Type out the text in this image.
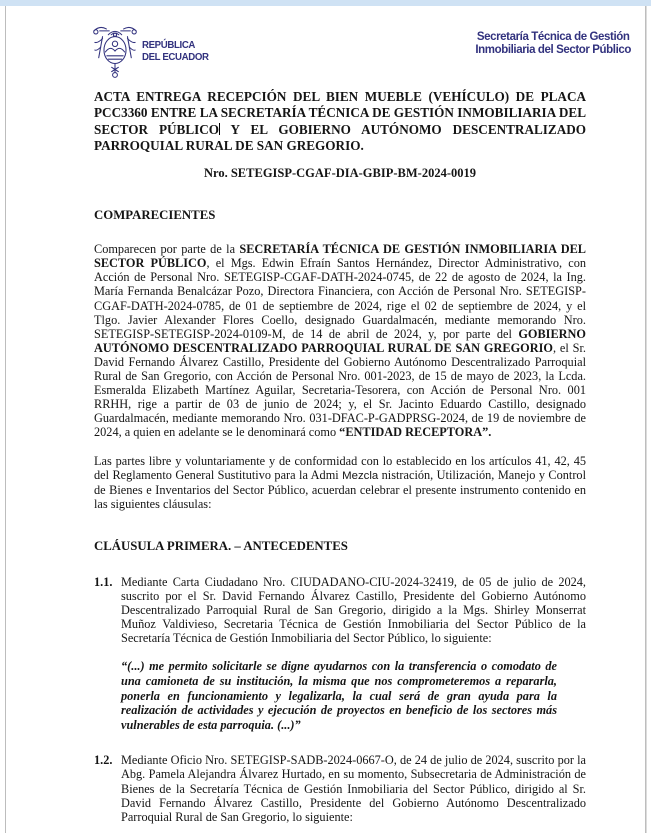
REPÚBLICA
DEL ECUADOR
Secretaría Técnica de Gestión
Inmobiliaria del Sector Público

ACTA ENTREGA RECEPCIÓN DEL BIEN MUEBLE (VEHÍCULO) DE PLACA PCC3360 ENTRE LA SECRETARÍA TÉCNICA DE GESTIÓN INMOBILIARIA DEL SECTOR PÚBLICO Y EL GOBIERNO AUTÓNOMO DESCENTRALIZADO PARROQUIAL RURAL DE SAN GREGORIO.

Nro. SETEGISP-CGAF-DIA-GBIP-BM-2024-0019

COMPARECIENTES

Comparecen por parte de la SECRETARÍA TÉCNICA DE GESTIÓN INMOBILIARIA DEL SECTOR PÚBLICO, el Mgs. Edwin Efraín Santos Hernández, Director Administrativo, con Acción de Personal Nro. SETEGISP-CGAF-DATH-2024-0745, de 22 de agosto de 2024, la Ing. María Fernanda Benalcázar Pozo, Directora Financiera, con Acción de Personal Nro. SETEGISP-CGAF-DATH-2024-0785, de 01 de septiembre de 2024, rige el 02 de septiembre de 2024, y el Tlgo. Javier Alexander Flores Coello, designado Guardalmacén, mediante memorando Nro. SETEGISP-SETEGISP-2024-0109-M, de 14 de abril de 2024, y, por parte del GOBIERNO AUTÓNOMO DESCENTRALIZADO PARROQUIAL RURAL DE SAN GREGORIO, el Sr. David Fernando Álvarez Castillo, Presidente del Gobierno Autónomo Descentralizado Parroquial Rural de San Gregorio, con Acción de Personal Nro. 001-2023, de 15 de mayo de 2023, la Lcda. Esmeralda Elizabeth Martínez Aguilar, Secretaria-Tesorera, con Acción de Personal Nro. 001 RRHH, rige a partir de 03 de junio de 2024; y, el Sr. Jacinto Eduardo Castillo, designado Guardalmacén, mediante memorando Nro. 031-DFAC-P-GADPRSG-2024, de 19 de noviembre de 2024, a quien en adelante se le denominará como “ENTIDAD RECEPTORA”.

Las partes libre y voluntariamente y de conformidad con lo establecido en los artículos 41, 42, 45 del Reglamento General Sustitutivo para la Admi Mezcla nistración, Utilización, Manejo y Control de Bienes e Inventarios del Sector Público, acuerdan celebrar el presente instrumento contenido en las siguientes cláusulas:

CLÁUSULA PRIMERA. – ANTECEDENTES

1.1. Mediante Carta Ciudadano Nro. CIUDADANO-CIU-2024-32419, de 05 de julio de 2024, suscrito por el Sr. David Fernando Álvarez Castillo, Presidente del Gobierno Autónomo Descentralizado Parroquial Rural de San Gregorio, dirigido a la Mgs. Shirley Monserrat Muñoz Valdivieso, Secretaria Técnica de Gestión Inmobiliaria del Sector Público de la Secretaría Técnica de Gestión Inmobiliaria del Sector Público, lo siguiente:

“(...) me permito solicitarle se digne ayudarnos con la transferencia o comodato de una camioneta de su institución, la misma que nos comprometeremos a repararla, ponerla en funcionamiento y legalizarla, la cual será de gran ayuda para la realización de actividades y ejecución de proyectos en beneficio de los sectores más vulnerables de esta parroquia. (...)”

1.2. Mediante Oficio Nro. SETEGISP-SADB-2024-0667-O, de 24 de julio de 2024, suscrito por la Abg. Pamela Alejandra Álvarez Hurtado, en su momento, Subsecretaria de Administración de Bienes de la Secretaría Técnica de Gestión Inmobiliaria del Sector Público, dirigido al Sr. David Fernando Álvarez Castillo, Presidente del Gobierno Autónomo Descentralizado Parroquial Rural de San Gregorio, lo siguiente:
